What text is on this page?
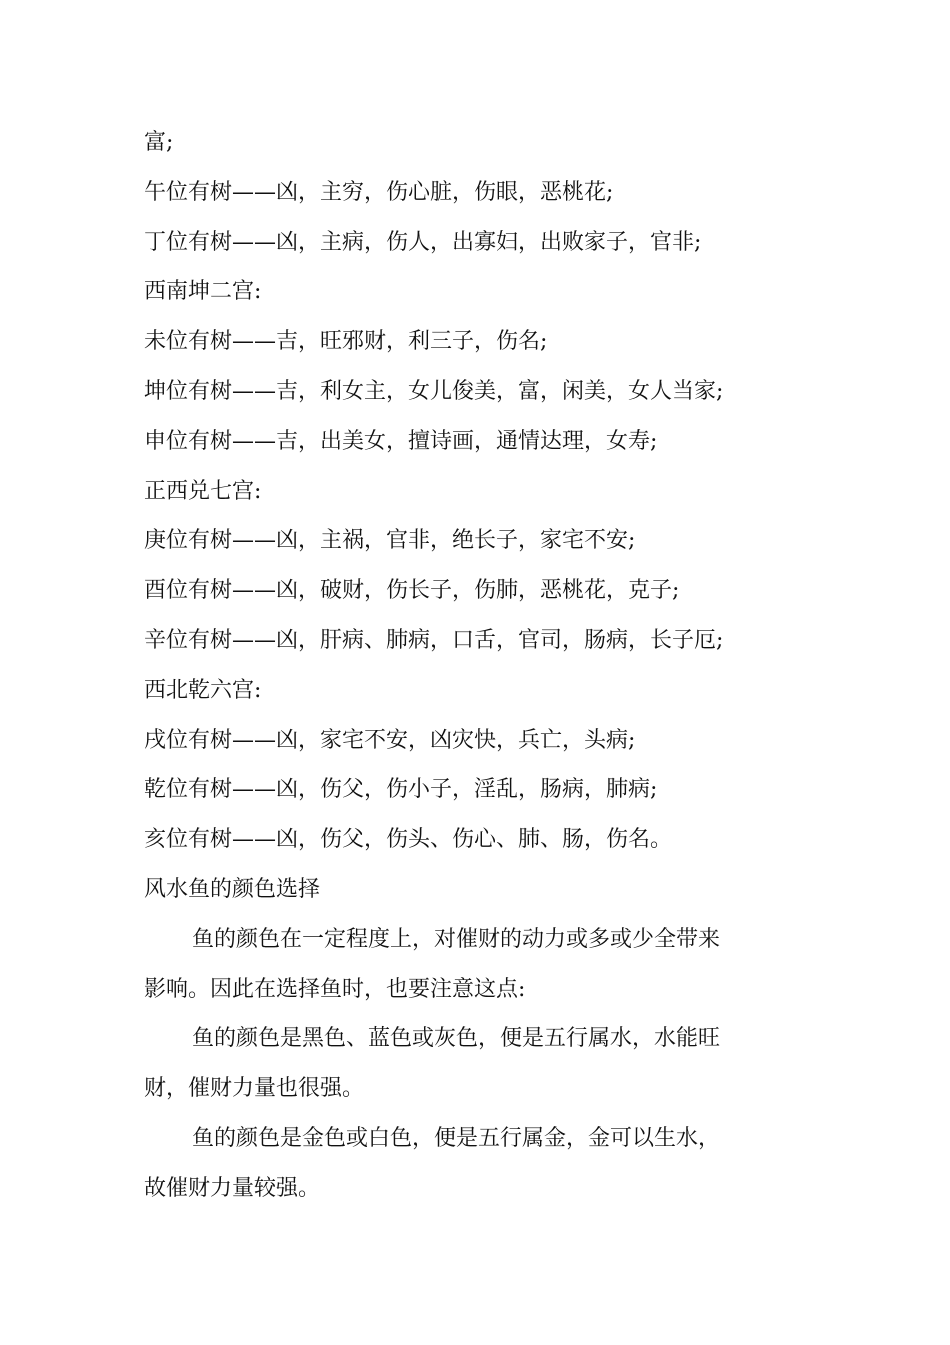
富;
午位有树——凶，主穷，伤心脏，伤眼，恶桃花;
丁位有树——凶，主病，伤人，出寡妇，出败家子，官非;
西南坤二宫:
未位有树——吉，旺邪财，利三子，伤名;
坤位有树——吉，利女主，女儿俊美，富，闲美，女人当家;
申位有树——吉，出美女，擅诗画，通情达理，女寿;
正西兑七宫:
庚位有树——凶，主祸，官非，绝长子，家宅不安;
酉位有树——凶，破财，伤长子，伤肺，恶桃花，克子;
辛位有树——凶，肝病、肺病，口舌，官司，肠病，长子厄;
西北乾六宫:
戌位有树——凶，家宅不安，凶灾快，兵亡，头病;
乾位有树——凶，伤父，伤小子，淫乱，肠病，肺病;
亥位有树——凶，伤父，伤头、伤心、肺、肠，伤名。
风水鱼的颜色选择
鱼的颜色在一定程度上，对催财的动力或多或少全带来
影响。因此在选择鱼时，也要注意这点:
鱼的颜色是黑色、蓝色或灰色，便是五行属水，水能旺
财，催财力量也很强。
鱼的颜色是金色或白色，便是五行属金，金可以生水，
故催财力量较强。
